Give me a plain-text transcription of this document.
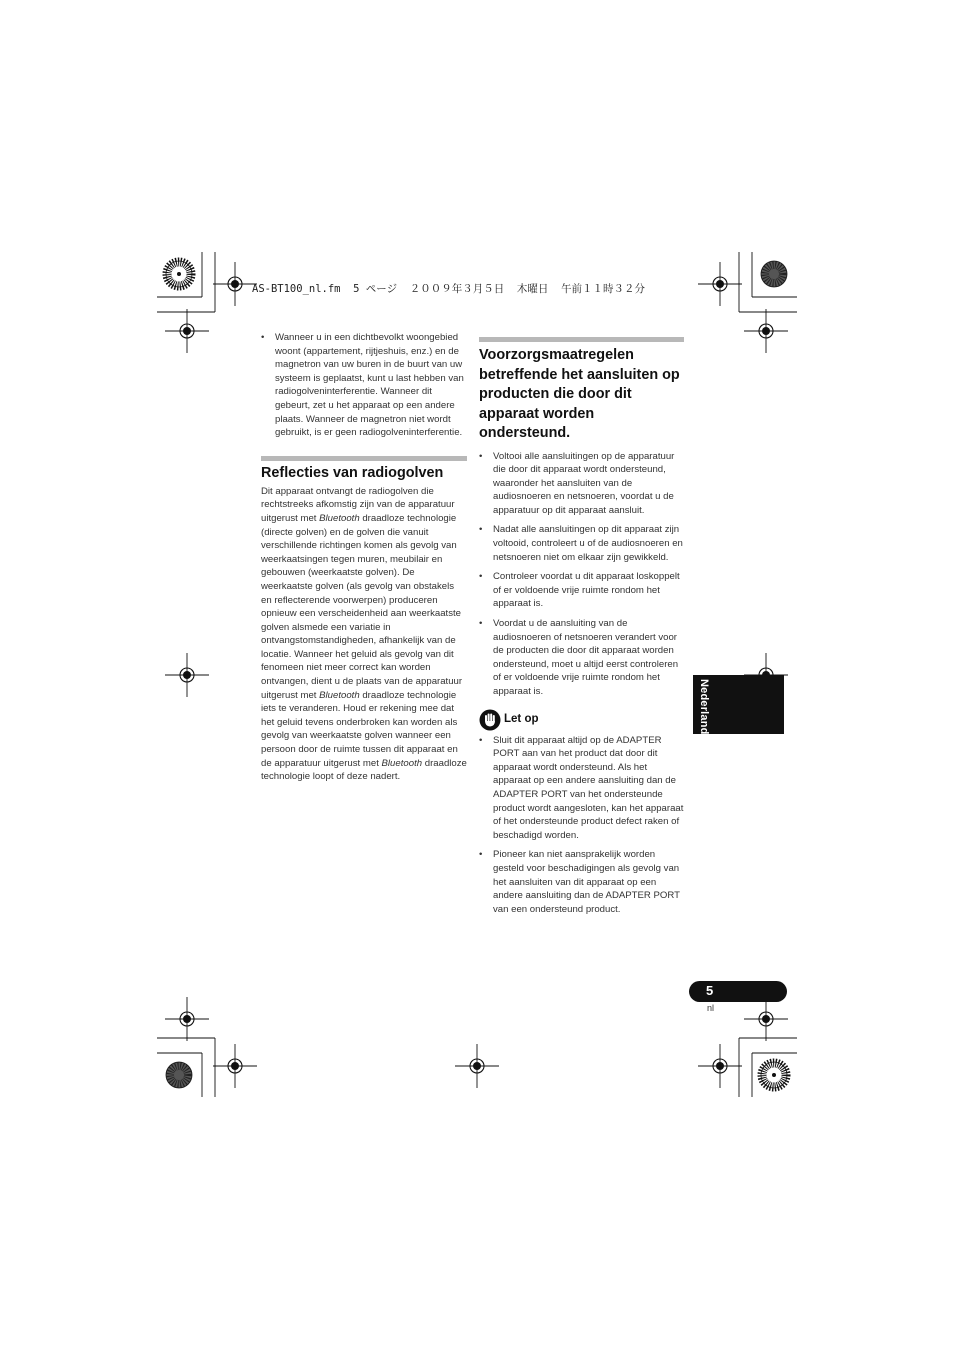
AS-BT100_nl.fm  5 ページ  ２００９年３月５日  木曜日  午前１１時３２分
• Wanneer u in een dichtbevolkt woongebied woont (appartement, rijtjeshuis, enz.) en de magnetron van uw buren in de buurt van uw systeem is geplaatst, kunt u last hebben van radiogolveninterferentie. Wanneer dit gebeurt, zet u het apparaat op een andere plaats. Wanneer de magnetron niet wordt gebruikt, is er geen radiogolveninterferentie.
Reflecties van radiogolven

Dit apparaat ontvangt de radiogolven die rechtstreeks afkomstig zijn van de apparatuur uitgerust met Bluetooth draadloze technologie (directe golven) en de golven die vanuit verschillende richtingen komen als gevolg van weerkaatsingen tegen muren, meubilair en gebouwen (weerkaatste golven). De weerkaatste golven (als gevolg van obstakels en reflecterende voorwerpen) produceren opnieuw een verscheidenheid aan weerkaatste golven alsmede een variatie in ontvangstomstandigheden, afhankelijk van de locatie. Wanneer het geluid als gevolg van dit fenomeen niet meer correct kan worden ontvangen, dient u de plaats van de apparatuur uitgerust met Bluetooth draadloze technologie iets te veranderen. Houd er rekening mee dat het geluid tevens onderbroken kan worden als gevolg van weerkaatste golven wanneer een persoon door de ruimte tussen dit apparaat en de apparatuur uitgerust met Bluetooth draadloze technologie loopt of deze nadert.

Voorzorgsmaatregelen betreffende het aansluiten op producten die door dit apparaat worden ondersteund.
• Voltooi alle aansluitingen op de apparatuur die door dit apparaat wordt ondersteund, waaronder het aansluiten van de audiosnoeren en netsnoeren, voordat u de apparatuur op dit apparaat aansluit.
• Nadat alle aansluitingen op dit apparaat zijn voltooid, controleert u of de audiosnoeren en netsnoeren niet om elkaar zijn gewikkeld.
• Controleer voordat u dit apparaat loskoppelt of er voldoende vrije ruimte rondom het apparaat is.
• Voordat u de aansluiting van de audiosnoeren of netsnoeren verandert voor de producten die door dit apparaat worden ondersteund, moet u altijd eerst controleren of er voldoende vrije ruimte rondom het apparaat is.
Let op
• Sluit dit apparaat altijd op de ADAPTER PORT aan van het product dat door dit apparaat wordt ondersteund. Als het apparaat op een andere aansluiting dan de ADAPTER PORT van het ondersteunde product wordt aangesloten, kan het apparaat of het ondersteunde product defect raken of beschadigd worden.
• Pioneer kan niet aansprakelijk worden gesteld voor beschadigingen als gevolg van het aansluiten van dit apparaat op een andere aansluiting dan de ADAPTER PORT van een ondersteund product.
Nederlands
5
nl
